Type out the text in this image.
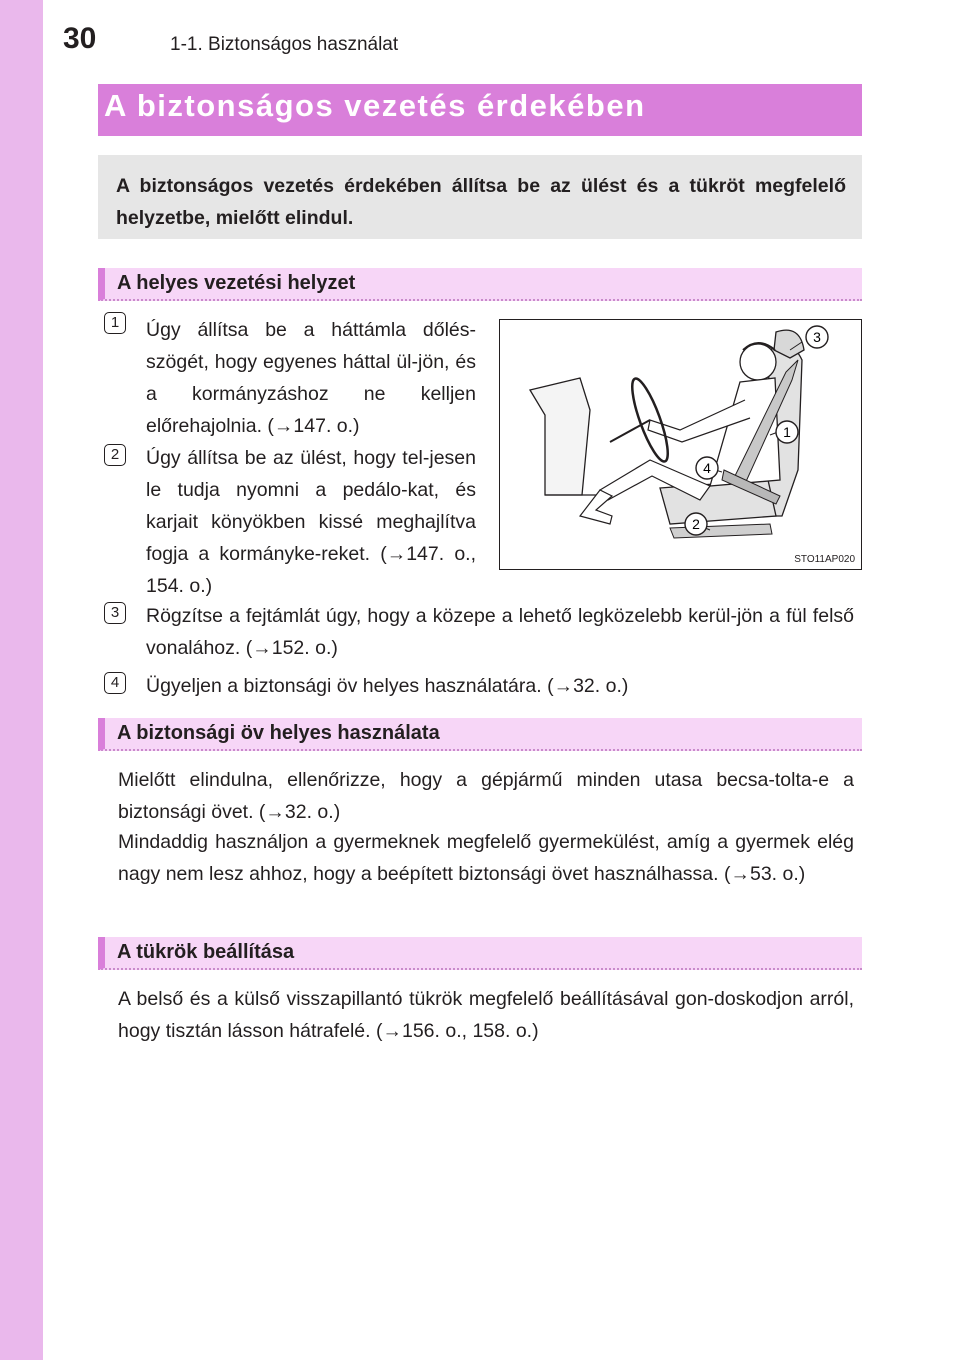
30	1-1. Biztonságos használat
A biztonságos vezetés érdekében
A biztonságos vezetés érdekében állítsa be az ülést és a tükröt megfelelő helyzetbe, mielőtt elindul.
A helyes vezetési helyzet
1	Úgy állítsa be a háttámla dőlés-szögét, hogy egyenes háttal ül-jön, és a kormányzáshoz ne kelljen előrehajolnia. (→147. o.)
2	Úgy állítsa be az ülést, hogy tel-jesen le tudja nyomni a pedálo-kat, és karjait könyökben kissé meghajlítva fogja a kormányke-reket. (→147. o., 154. o.)
3	Rögzítse a fejtámlát úgy, hogy a közepe a lehető legközelebb kerül-jön a fül felső vonalához. (→152. o.)
4	Ügyeljen a biztonsági öv helyes használatára. (→32. o.)
3
1
4
2
STO11AP020
A biztonsági öv helyes használata
Mielőtt elindulna, ellenőrizze, hogy a gépjármű minden utasa becsa-tolta-e a biztonsági övet. (→32. o.)
Mindaddig használjon a gyermeknek megfelelő gyermekülést, amíg a gyermek elég nagy nem lesz ahhoz, hogy a beépített biztonsági övet használhassa. (→53. o.)
A tükrök beállítása
A belső és a külső visszapillantó tükrök megfelelő beállításával gon-doskodjon arról, hogy tisztán lásson hátrafelé. (→156. o., 158. o.)
